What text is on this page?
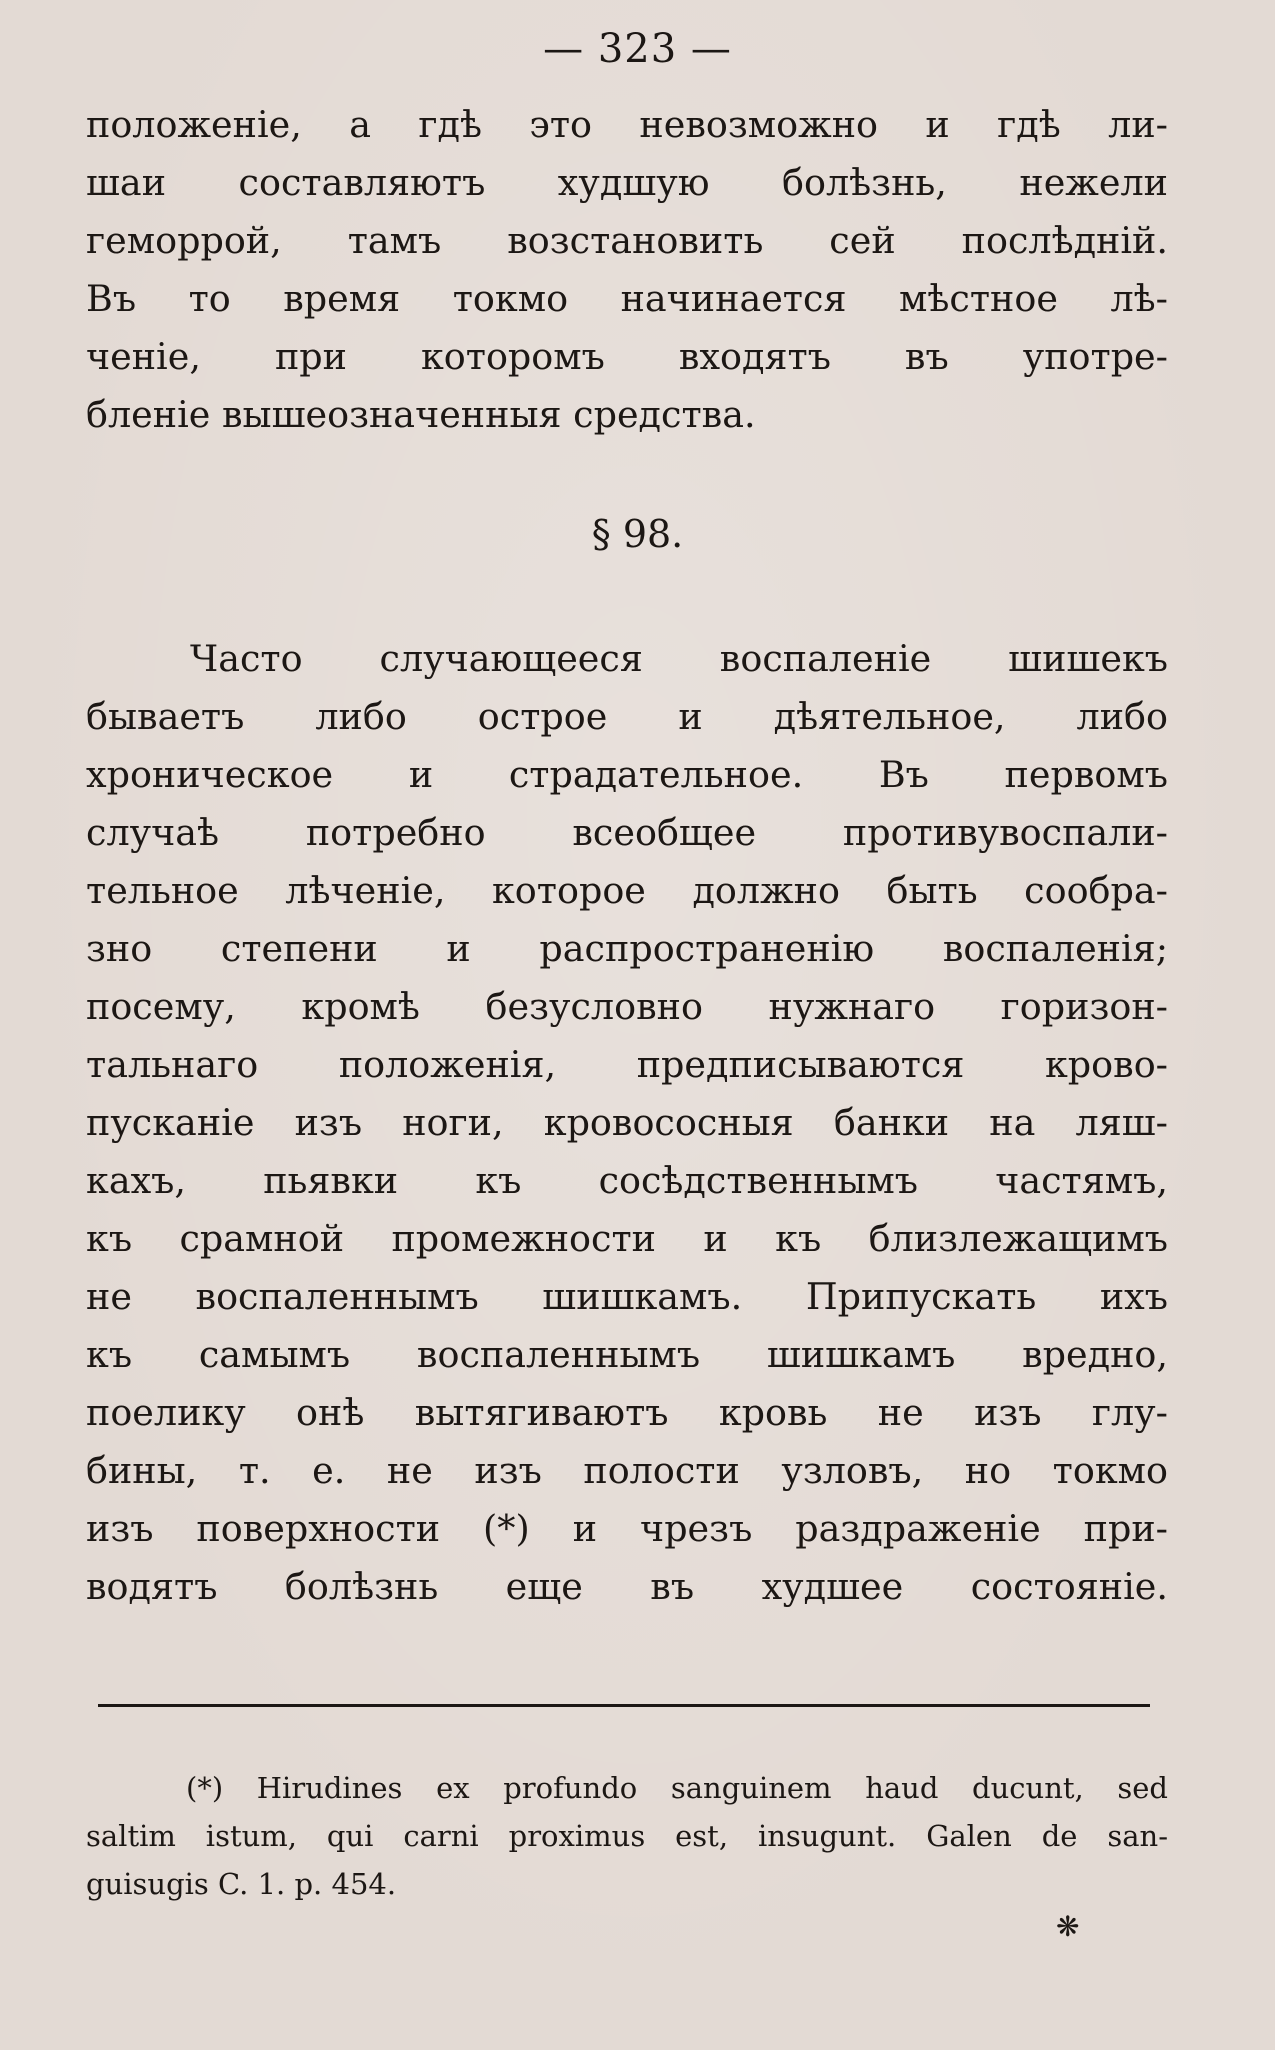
— 323 —

положеніе, а гдѣ это невозможно и гдѣ ли-

шаи составляютъ худшую болѣзнь, нежели

геморрой, тамъ возстановить сей послѣдній.

Въ то время токмо начинается мѣстное лѣ-

ченіе, при которомъ входятъ въ употре-

бленіе вышеозначенныя средства.

§ 98.

Часто случающееся воспаленіе шишекъ

бываетъ либо острое и дѣятельное, либо

хроническое и страдательное. Въ первомъ

случаѣ потребно всеобщее противувоспали-

тельное лѣченіе, которое должно быть сообра-

зно степени и распространенію воспаленія;

посему, кромѣ безусловно нужнаго горизон-

тальнаго положенія, предписываются крово-

пусканіе изъ ноги, кровососныя банки на ляш-

кахъ, пьявки къ сосѣдственнымъ частямъ,

къ срамной промежности и къ близлежащимъ

не воспаленнымъ шишкамъ. Припускать ихъ

къ самымъ воспаленнымъ шишкамъ вредно,

поелику онѣ вытягиваютъ кровь не изъ глу-

бины, т. е. не изъ полости узловъ, но токмо

изъ поверхности (*) и чрезъ раздраженіе при-

водятъ болѣзнь еще въ худшее состояніе.

(*) Hirudines ex profundo sanguinem haud ducunt, sed

saltim istum, qui carni proximus est, insugunt. Galen de san-

guisugis C. 1. p. 454.

❋
